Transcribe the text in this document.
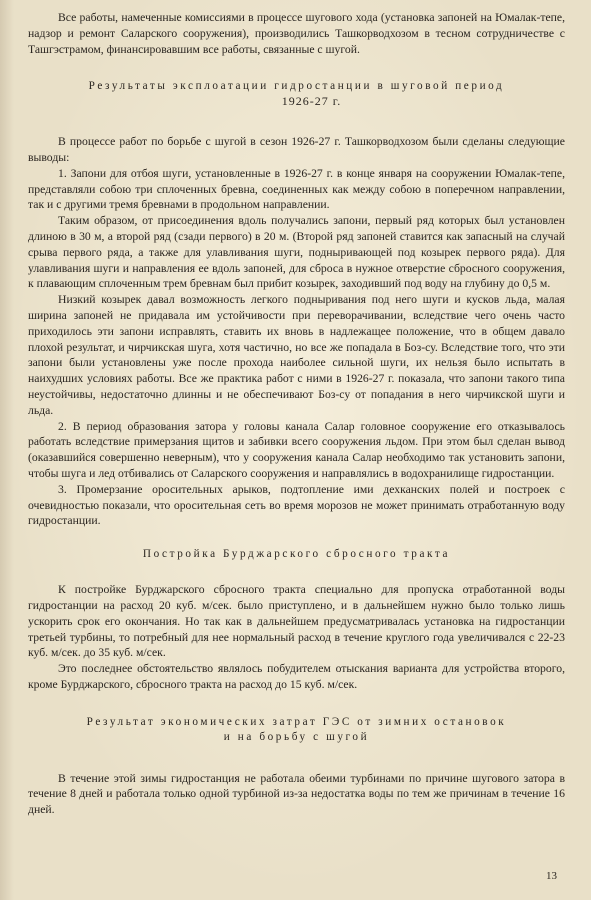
Все работы, намеченные комиссиями в процессе шугового хода (установка запоней на Юмалак-тепе, надзор и ремонт Саларского сооружения), производились Ташкорводхозом в тесном сотрудничестве с Ташгэстрамом, финансировавшим все работы, связанные с шугой.

Результаты эксплоатации гидростанции в шуговой период

1926-27 г.

В процессе работ по борьбе с шугой в сезон 1926-27 г. Ташкорводхозом были сделаны следующие выводы:

1. Запони для отбоя шуги, установленные в 1926-27 г. в конце января на сооружении Юмалак-тепе, представляли собою три сплоченных бревна, соединенных как между собою в поперечном направлении, так и с другими тремя бревнами в продольном направлении.

Таким образом, от присоединения вдоль получались запони, первый ряд которых был установлен длиною в 30 м, а второй ряд (сзади первого) в 20 м. (Второй ряд запоней ставится как запасный на случай срыва первого ряда, а также для улавливания шуги, подныривающей под козырек первого ряда). Для улавливания шуги и направления ее вдоль запоней, для сброса в нужное отверстие сбросного сооружения, к плавающим сплоченным трем бревнам был прибит козырек, заходивший под воду на глубину до 0,5 м.

Низкий козырек давал возможность легкого подныривания под него шуги и кусков льда, малая ширина запоней не придавала им устойчивости при переворачивании, вследствие чего очень часто приходилось эти запони исправлять, ставить их вновь в надлежащее положение, что в общем давало плохой результат, и чирчикская шуга, хотя частично, но все же попадала в Боз-су. Вследствие того, что эти запони были установлены уже после прохода наиболее сильной шуги, их нельзя было испытать в наихудших условиях работы. Все же практика работ с ними в 1926-27 г. показала, что запони такого типа неустойчивы, недостаточно длинны и не обеспечивают Боз-су от попадания в него чирчикской шуги и льда.

2. В период образования затора у головы канала Салар головное сооружение его отказывалось работать вследствие примерзания щитов и забивки всего сооружения льдом. При этом был сделан вывод (оказавшийся совершенно неверным), что у сооружения канала Салар необходимо так установить запони, чтобы шуга и лед отбивались от Саларского сооружения и направлялись в водохранилище гидростанции.

3. Промерзание оросительных арыков, подтопление ими дехканских полей и построек с очевидностью показали, что оросительная сеть во время морозов не может принимать отработанную воду гидростанции.

Постройка Бурджарского сбросного тракта

К постройке Бурджарского сбросного тракта специально для пропуска отработанной воды гидростанции на расход 20 куб. м/сек. было приступлено, и в дальнейшем нужно было только лишь ускорить срок его окончания. Но так как в дальнейшем предусматривалась установка на гидростанции третьей турбины, то потребный для нее нормальный расход в течение круглого года увеличивался с 22-23 куб. м/сек. до 35 куб. м/сек.

Это последнее обстоятельство являлось побудителем отыскания варианта для устройства второго, кроме Бурджарского, сбросного тракта на расход до 15 куб. м/сек.

Результат экономических затрат ГЭС от зимних остановок

и на борьбу с шугой

В течение этой зимы гидростанция не работала обеими турбинами по причине шугового затора в течение 8 дней и работала только одной турбиной из-за недостатка воды по тем же причинам в течение 16 дней.

13
